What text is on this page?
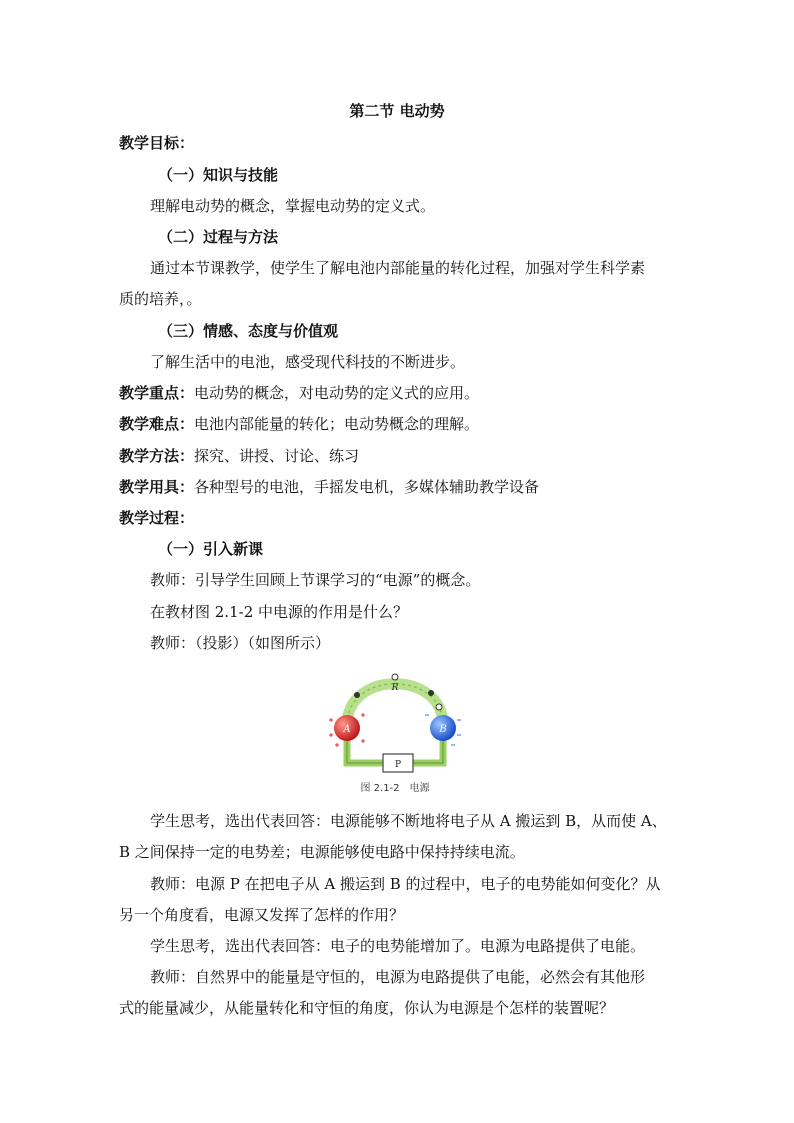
第二节 电动势
教学目标：
（一）知识与技能
理解电动势的概念，掌握电动势的定义式。
（二）过程与方法
通过本节课教学，使学生了解电池内部能量的转化过程，加强对学生科学素
质的培养，。
（三）情感、态度与价值观
了解生活中的电池，感受现代科技的不断进步。
教学重点：电动势的概念，对电动势的定义式的应用。
教学难点：电池内部能量的转化；电动势概念的理解。
教学方法：探究、讲授、讨论、练习
教学用具：各种型号的电池，手摇发电机，多媒体辅助教学设备
教学过程：
（一）引入新课
教师：引导学生回顾上节课学习的“电源”的概念。
在教材图 2.1-2 中电源的作用是什么？
教师：（投影）（如图所示）
R
A	B
P
图 2.1-2　电源
学生思考，选出代表回答：电源能够不断地将电子从 A 搬运到 B，从而使 A、
B 之间保持一定的电势差；电源能够使电路中保持持续电流。
教师：电源 P 在把电子从 A 搬运到 B 的过程中，电子的电势能如何变化？从
另一个角度看，电源又发挥了怎样的作用？
学生思考，选出代表回答：电子的电势能增加了。电源为电路提供了电能。
教师：自然界中的能量是守恒的，电源为电路提供了电能，必然会有其他形
式的能量减少，从能量转化和守恒的角度，你认为电源是个怎样的装置呢？
